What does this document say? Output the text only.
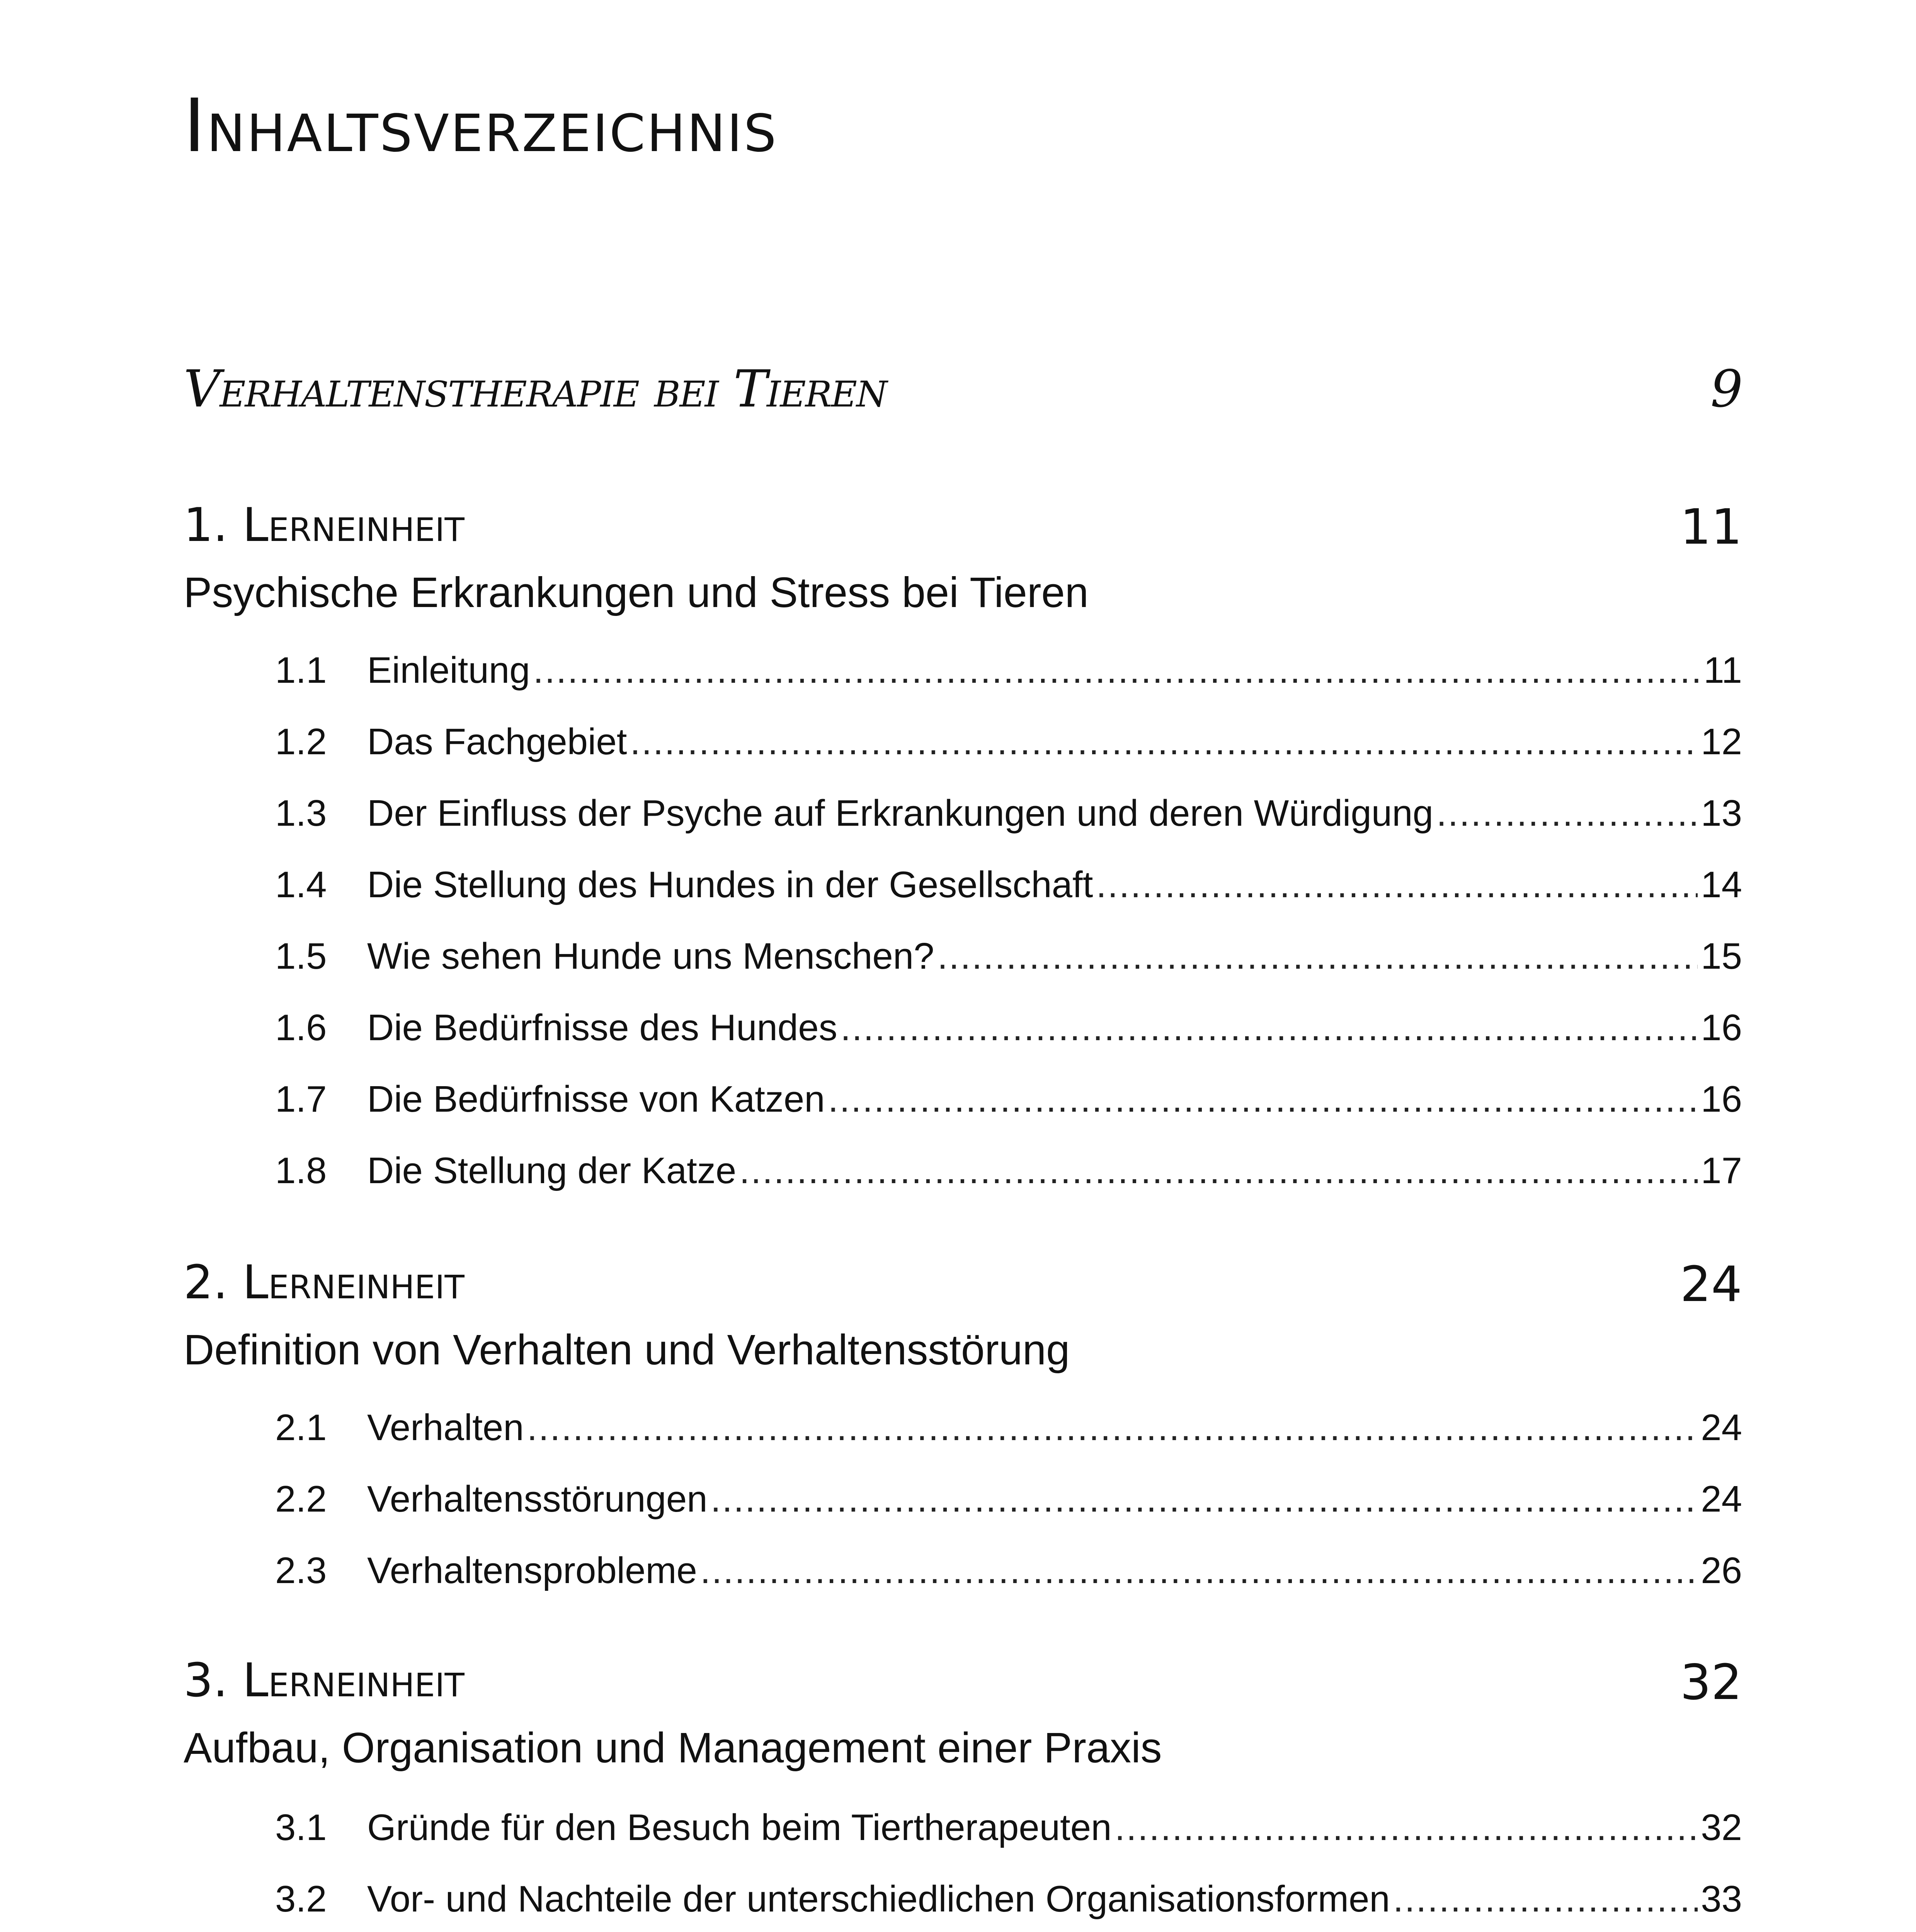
Inhaltsverzeichnis
Verhaltenstherapie bei Tieren	9
1. Lerneinheit	11
Psychische Erkrankungen und Stress bei Tieren
1.1	Einleitung .....	11
1.2	Das Fachgebiet .....	12
1.3	Der Einfluss der Psyche auf Erkrankungen und deren Würdigung .....	13
1.4	Die Stellung des Hundes in der Gesellschaft .....	14
1.5	Wie sehen Hunde uns Menschen? .....	15
1.6	Die Bedürfnisse des Hundes .....	16
1.7	Die Bedürfnisse von Katzen .....	16
1.8	Die Stellung der Katze .....	17
2. Lerneinheit	24
Definition von Verhalten und Verhaltensstörung
2.1	Verhalten .....	24
2.2	Verhaltensstörungen .....	24
2.3	Verhaltensprobleme .....	26
3. Lerneinheit	32
Aufbau, Organisation und Management einer Praxis
3.1	Gründe für den Besuch beim Tiertherapeuten .....	32
3.2	Vor- und Nachteile der unterschiedlichen Organisationsformen .....	33
